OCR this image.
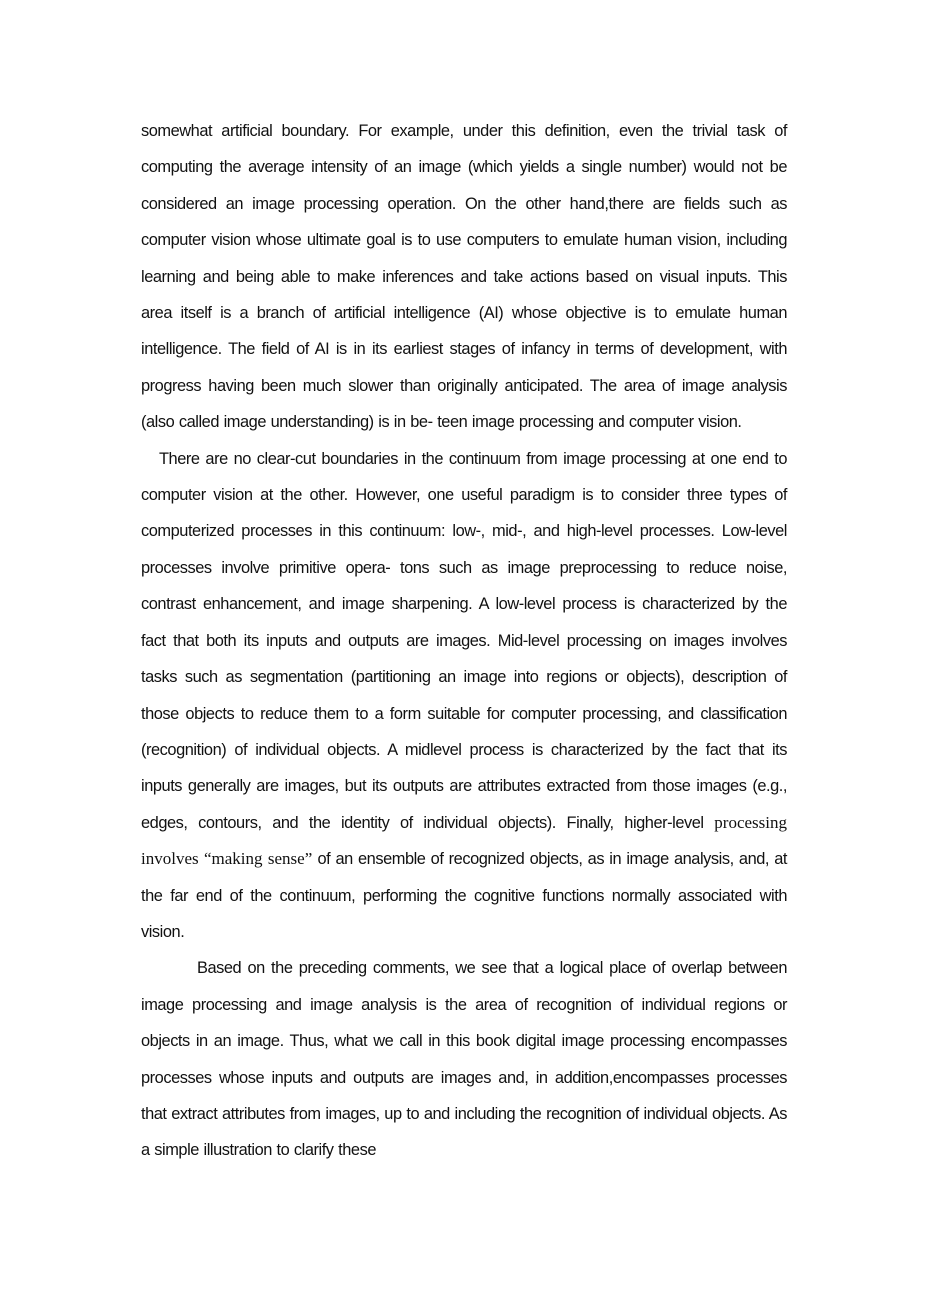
somewhat artificial boundary. For example, under this definition, even the trivial task of computing the average intensity of an image (which yields a single number) would not be considered an image processing operation. On the other hand,there are fields such as computer vision whose ultimate goal is to use computers to emulate human vision, including learning and being able to make inferences and take actions based on visual inputs. This area itself is a branch of artificial intelligence (AI) whose objective is to emulate human intelligence. The field of AI is in its earliest stages of infancy in terms of development, with progress having been much slower than originally anticipated. The area of image analysis (also called image understanding) is in be- teen image processing and computer vision.

There are no clear-cut boundaries in the continuum from image processing at one end to computer vision at the other. However, one useful paradigm is to consider three types of computerized processes in this continuum: low-, mid-, and high-level processes. Low-level processes involve primitive opera- tons such as image preprocessing to reduce noise, contrast enhancement, and image sharpening. A low-level process is characterized by the fact that both its inputs and outputs are images. Mid-level processing on images involves tasks such as segmentation (partitioning an image into regions or objects), description of those objects to reduce them to a form suitable for computer processing, and classification (recognition) of individual objects. A midlevel process is characterized by the fact that its inputs generally are images, but its outputs are attributes extracted from those images (e.g., edges, contours, and the identity of individual objects). Finally, higher-level processing involves “making sense” of an ensemble of recognized objects, as in image analysis, and, at the far end of the continuum, performing the cognitive functions normally associated with vision.

Based on the preceding comments, we see that a logical place of overlap between image processing and image analysis is the area of recognition of individual regions or objects in an image. Thus, what we call in this book digital image processing encompasses processes whose inputs and outputs are images and, in addition,encompasses processes that extract attributes from images, up to and including the recognition of individual objects. As a simple illustration to clarify these
